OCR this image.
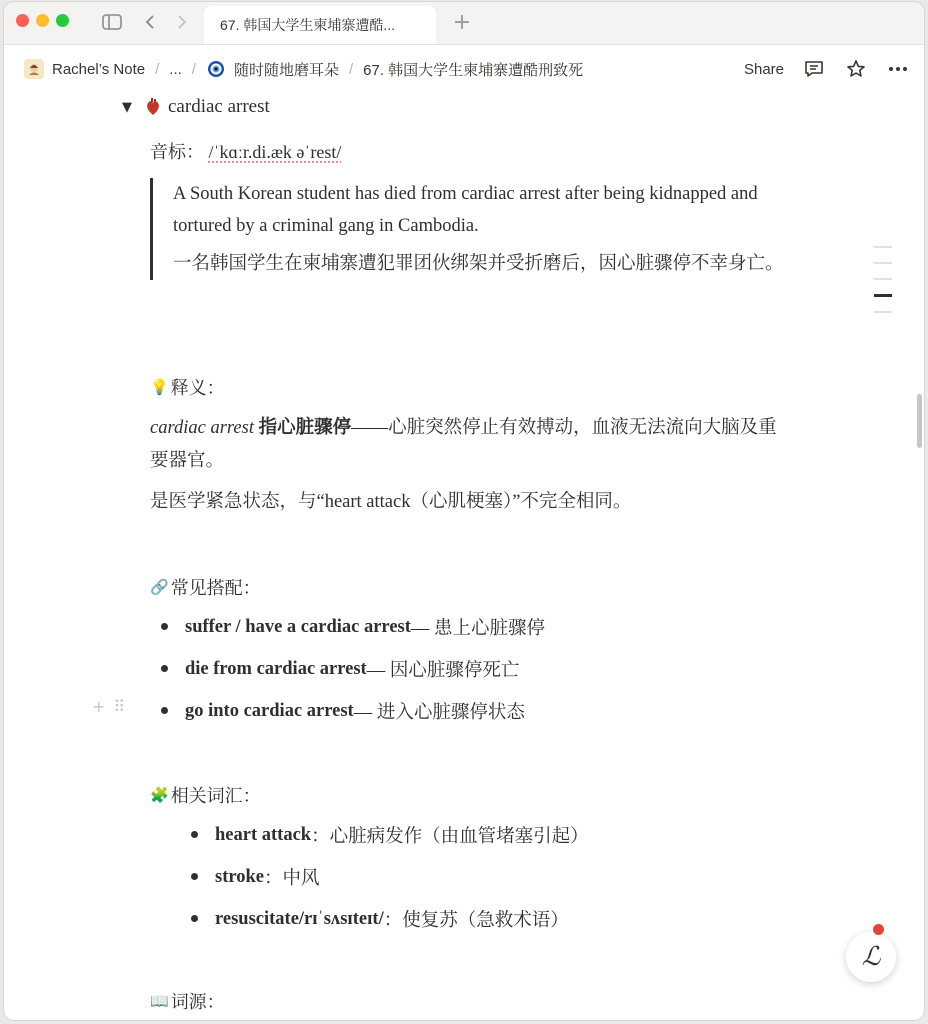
67. 韩国大学生柬埔寨遭酷...	+
Rachel’s Note / ... /	随时随地磨耳朵 / 67. 韩国大学生柬埔寨遭酷刑致死	Share
▼ cardiac arrest
音标： /ˈkɑːr.di.æk əˈrest/

A South Korean student has died from cardiac arrest after being kidnapped and tortured by a criminal gang in Cambodia.

一名韩国学生在柬埔寨遭犯罪团伙绑架并受折磨后，因心脏骤停不幸身亡。

💡 释义：

cardiac arrest 指心脏骤停——心脏突然停止有效搏动，血液无法流向大脑及重要器官。

是医学紧急状态，与“heart attack（心肌梗塞）”不完全相同。

🔗 常见搭配：
suffer / have a cardiac arrest — 患上心脏骤停
die from cardiac arrest — 因心脏骤停死亡
go into cardiac arrest — 进入心脏骤停状态
+ ⠿
🧩 相关词汇：
heart attack ：心脏病发作（由血管堵塞引起）
stroke ：中风
resuscitate/rɪˈsʌsɪteɪt/ ：使复苏（急救术语）
📖 词源：
ℒ
